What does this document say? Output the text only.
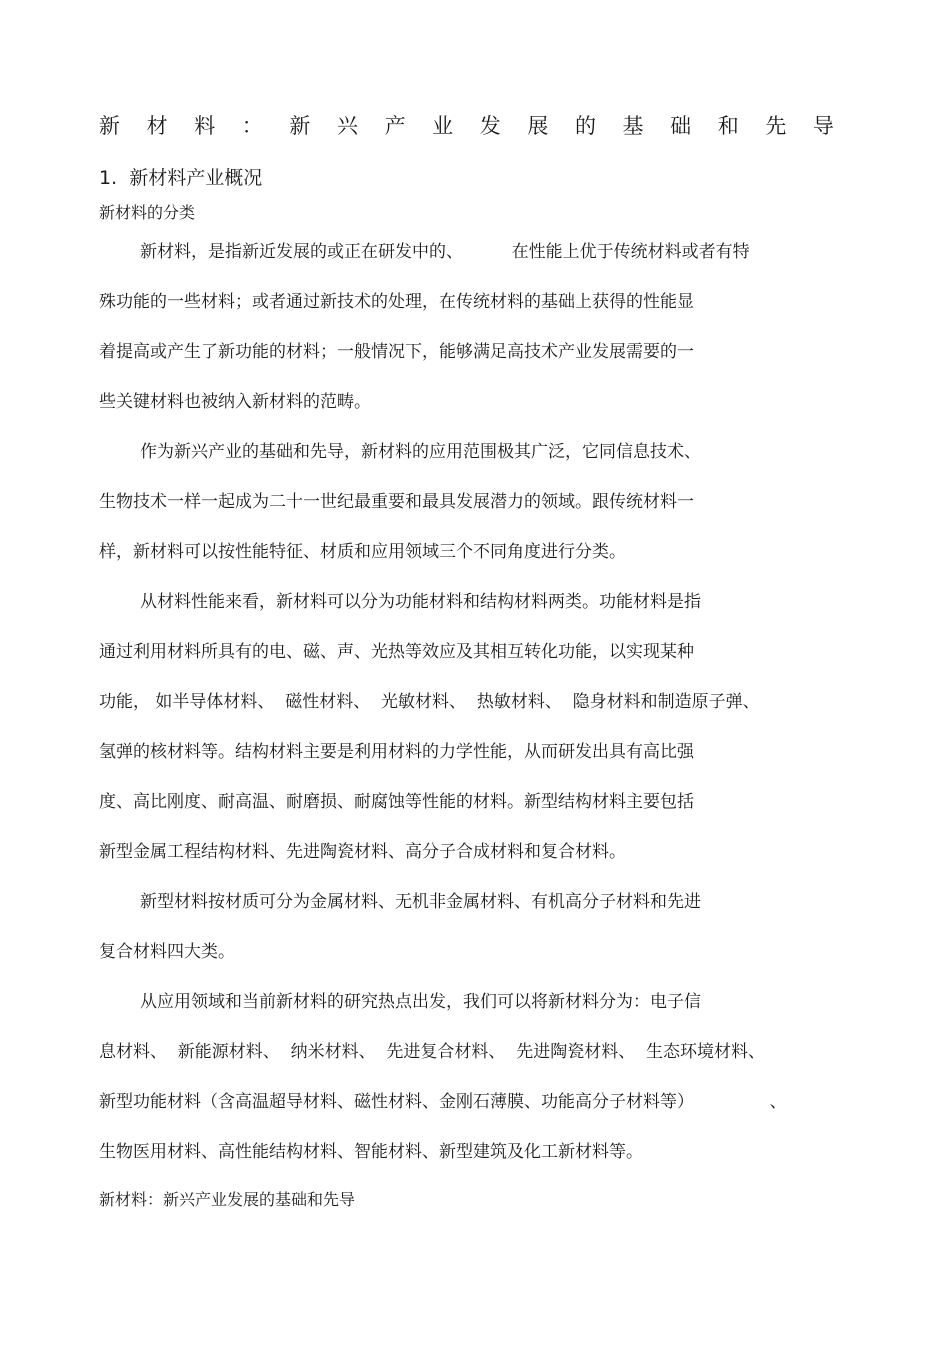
新 材 料 ： 新 兴 产 业 发 展 的 基 础 和 先 导
1.  新材料产业概况
新材料的分类
新材料，是指新近发展的或正在研发中的、         在性能上优于传统材料或者有特
殊功能的一些材料；或者通过新技术的处理，在传统材料的基础上获得的性能显
着提高或产生了新功能的材料；一般情况下，能够满足高技术产业发展需要的一
些关键材料也被纳入新材料的范畴。
作为新兴产业的基础和先导，新材料的应用范围极其广泛，它同信息技术、
生物技术一样一起成为二十一世纪最重要和最具发展潜力的领域。跟传统材料一
样，新材料可以按性能特征、材质和应用领域三个不同角度进行分类。
从材料性能来看，新材料可以分为功能材料和结构材料两类。功能材料是指
通过利用材料所具有的电、磁、声、光热等效应及其相互转化功能，以实现某种
功能， 如半导体材料、  磁性材料、  光敏材料、  热敏材料、  隐身材料和制造原子弹、
氢弹的核材料等。结构材料主要是利用材料的力学性能，从而研发出具有高比强
度、高比刚度、耐高温、耐磨损、耐腐蚀等性能的材料。新型结构材料主要包括
新型金属工程结构材料、先进陶瓷材料、高分子合成材料和复合材料。
新型材料按材质可分为金属材料、无机非金属材料、有机高分子材料和先进
复合材料四大类。
从应用领域和当前新材料的研究热点出发，我们可以将新材料分为：电子信
息材料、  新能源材料、  纳米材料、  先进复合材料、  先进陶瓷材料、  生态环境材料、
新型功能材料（含高温超导材料、磁性材料、金刚石薄膜、功能高分子材料等）              、
生物医用材料、高性能结构材料、智能材料、新型建筑及化工新材料等。
新材料：新兴产业发展的基础和先导
